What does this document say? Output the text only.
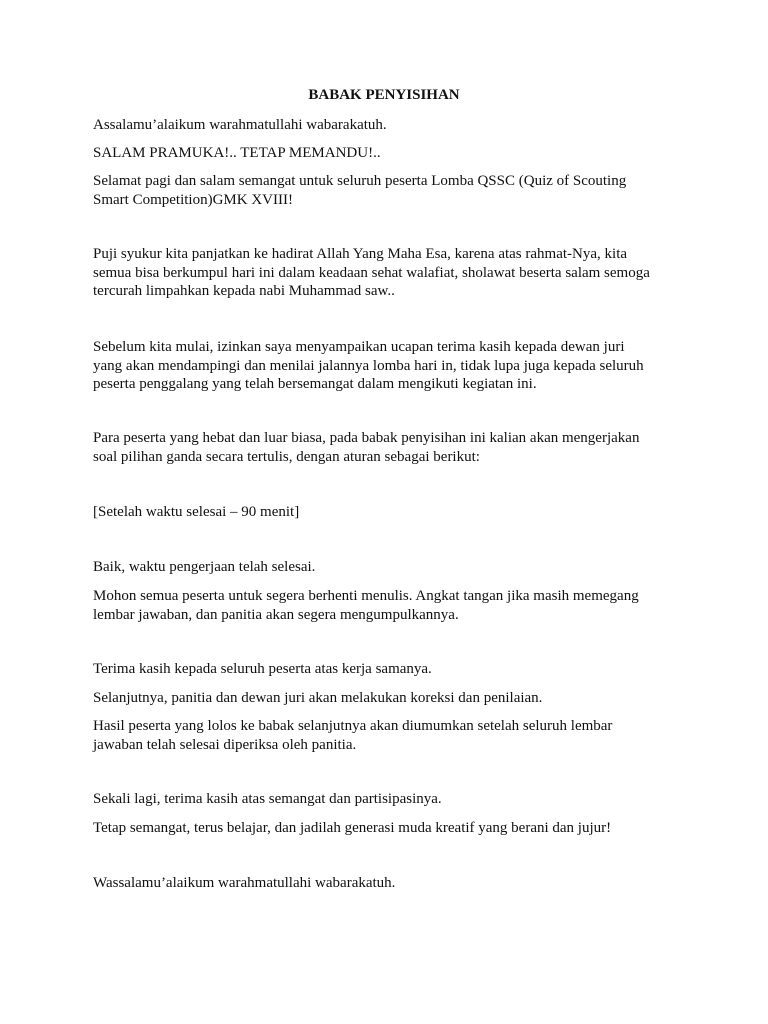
BABAK PENYISIHAN
Assalamu’alaikum warahmatullahi wabarakatuh.
SALAM PRAMUKA!.. TETAP MEMANDU!..
Selamat pagi dan salam semangat untuk seluruh peserta Lomba QSSC (Quiz of Scouting
Smart Competition)GMK XVIII!
Puji syukur kita panjatkan ke hadirat Allah Yang Maha Esa, karena atas rahmat-Nya, kita
semua bisa berkumpul hari ini dalam keadaan sehat walafiat, sholawat beserta salam semoga
tercurah limpahkan kepada nabi Muhammad saw..
Sebelum kita mulai, izinkan saya menyampaikan ucapan terima kasih kepada dewan juri
yang akan mendampingi dan menilai jalannya lomba hari in, tidak lupa juga kepada seluruh
peserta penggalang yang telah bersemangat dalam mengikuti kegiatan ini.
Para peserta yang hebat dan luar biasa, pada babak penyisihan ini kalian akan mengerjakan
soal pilihan ganda secara tertulis, dengan aturan sebagai berikut:
[Setelah waktu selesai – 90 menit]
Baik, waktu pengerjaan telah selesai.
Mohon semua peserta untuk segera berhenti menulis. Angkat tangan jika masih memegang
lembar jawaban, dan panitia akan segera mengumpulkannya.
Terima kasih kepada seluruh peserta atas kerja samanya.
Selanjutnya, panitia dan dewan juri akan melakukan koreksi dan penilaian.
Hasil peserta yang lolos ke babak selanjutnya akan diumumkan setelah seluruh lembar
jawaban telah selesai diperiksa oleh panitia.
Sekali lagi, terima kasih atas semangat dan partisipasinya.
Tetap semangat, terus belajar, dan jadilah generasi muda kreatif yang berani dan jujur!
Wassalamu’alaikum warahmatullahi wabarakatuh.
